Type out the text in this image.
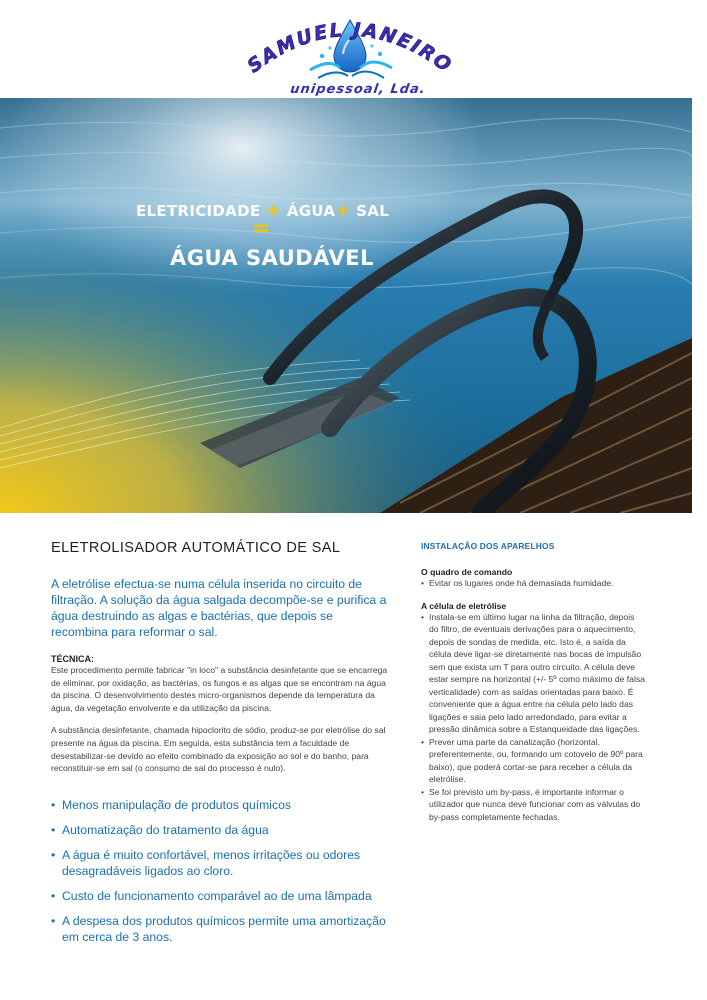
SAMUEL JANEIRO
unipessoal, Lda.
ELETRICIDADE + ÁGUA+ SAL
=
ÁGUA SAUDÁVEL
ELETROLISADOR AUTOMÁTICO DE SAL

A eletrólise efectua-se numa célula inserida no circuito de filtração. A solução da água salgada decompõe-se e purifica a água destruindo as algas e bactérias, que depois se recombina para reformar o sal.

TÉCNICA:

Este procedimento permite fabricar "in loco" a substância desinfetante que se encarrega de eliminar, por oxidação, as bactérias, os fungos e as algas que se encontram na água da piscina. O desenvolvimento destes micro-organismos depende da temperatura da água, da vegetação envolvente e da utilização da piscina.

A substância desinfetante, chamada hipoclorito de sódio, produz-se por eletrólise do sal presente na água da piscina. Em seguida, esta substância tem a faculdade de desestabilizar-se devido ao efeito combinado da exposição ao sol e do banho, para reconstituir-se em sal (o consumo de sal do processo é nulo).

• Menos manipulação de produtos químicos
• Automatização do tratamento da água
• A água é muito confortável, menos irritações ou odores desagradáveis ligados ao cloro.
• Custo de funcionamento comparável ao de uma lâmpada
• A despesa dos produtos químicos permite uma amortização em cerca de 3 anos.
INSTALAÇÃO DOS APARELHOS

O quadro de comando

• Evitar os lugares onde há demasiada humidade.

A célula de eletrólise

• Instala-se em último lugar na linha da filtração, depois do filtro, de eventuais derivações para o aquecimento, depois de sondas de medida, etc. Isto é, a saída da célula deve ligar-se diretamente nas bocas de impulsão sem que exista um T para outro circuito. A célula deve estar sempre na horizontal (+/- 5º como máximo de falsa verticalidade) com as saídas orientadas para baixo. É conveniente que a água entre na célula pelo lado das ligações e saia pelo lado arredondado, para evitar a pressão dinâmica sobre a Estanqueidade das ligações.
• Prever uma parte da canalização (horizontal, preferentemente, ou, formando um cotovelo de 90º para baixo), que poderá cortar-se para receber a célula da eletrólise.
• Se foi previsto um by-pass, é importante informar o utilizador que nunca deve funcionar com as válvulas do by-pass completamente fechadas.
